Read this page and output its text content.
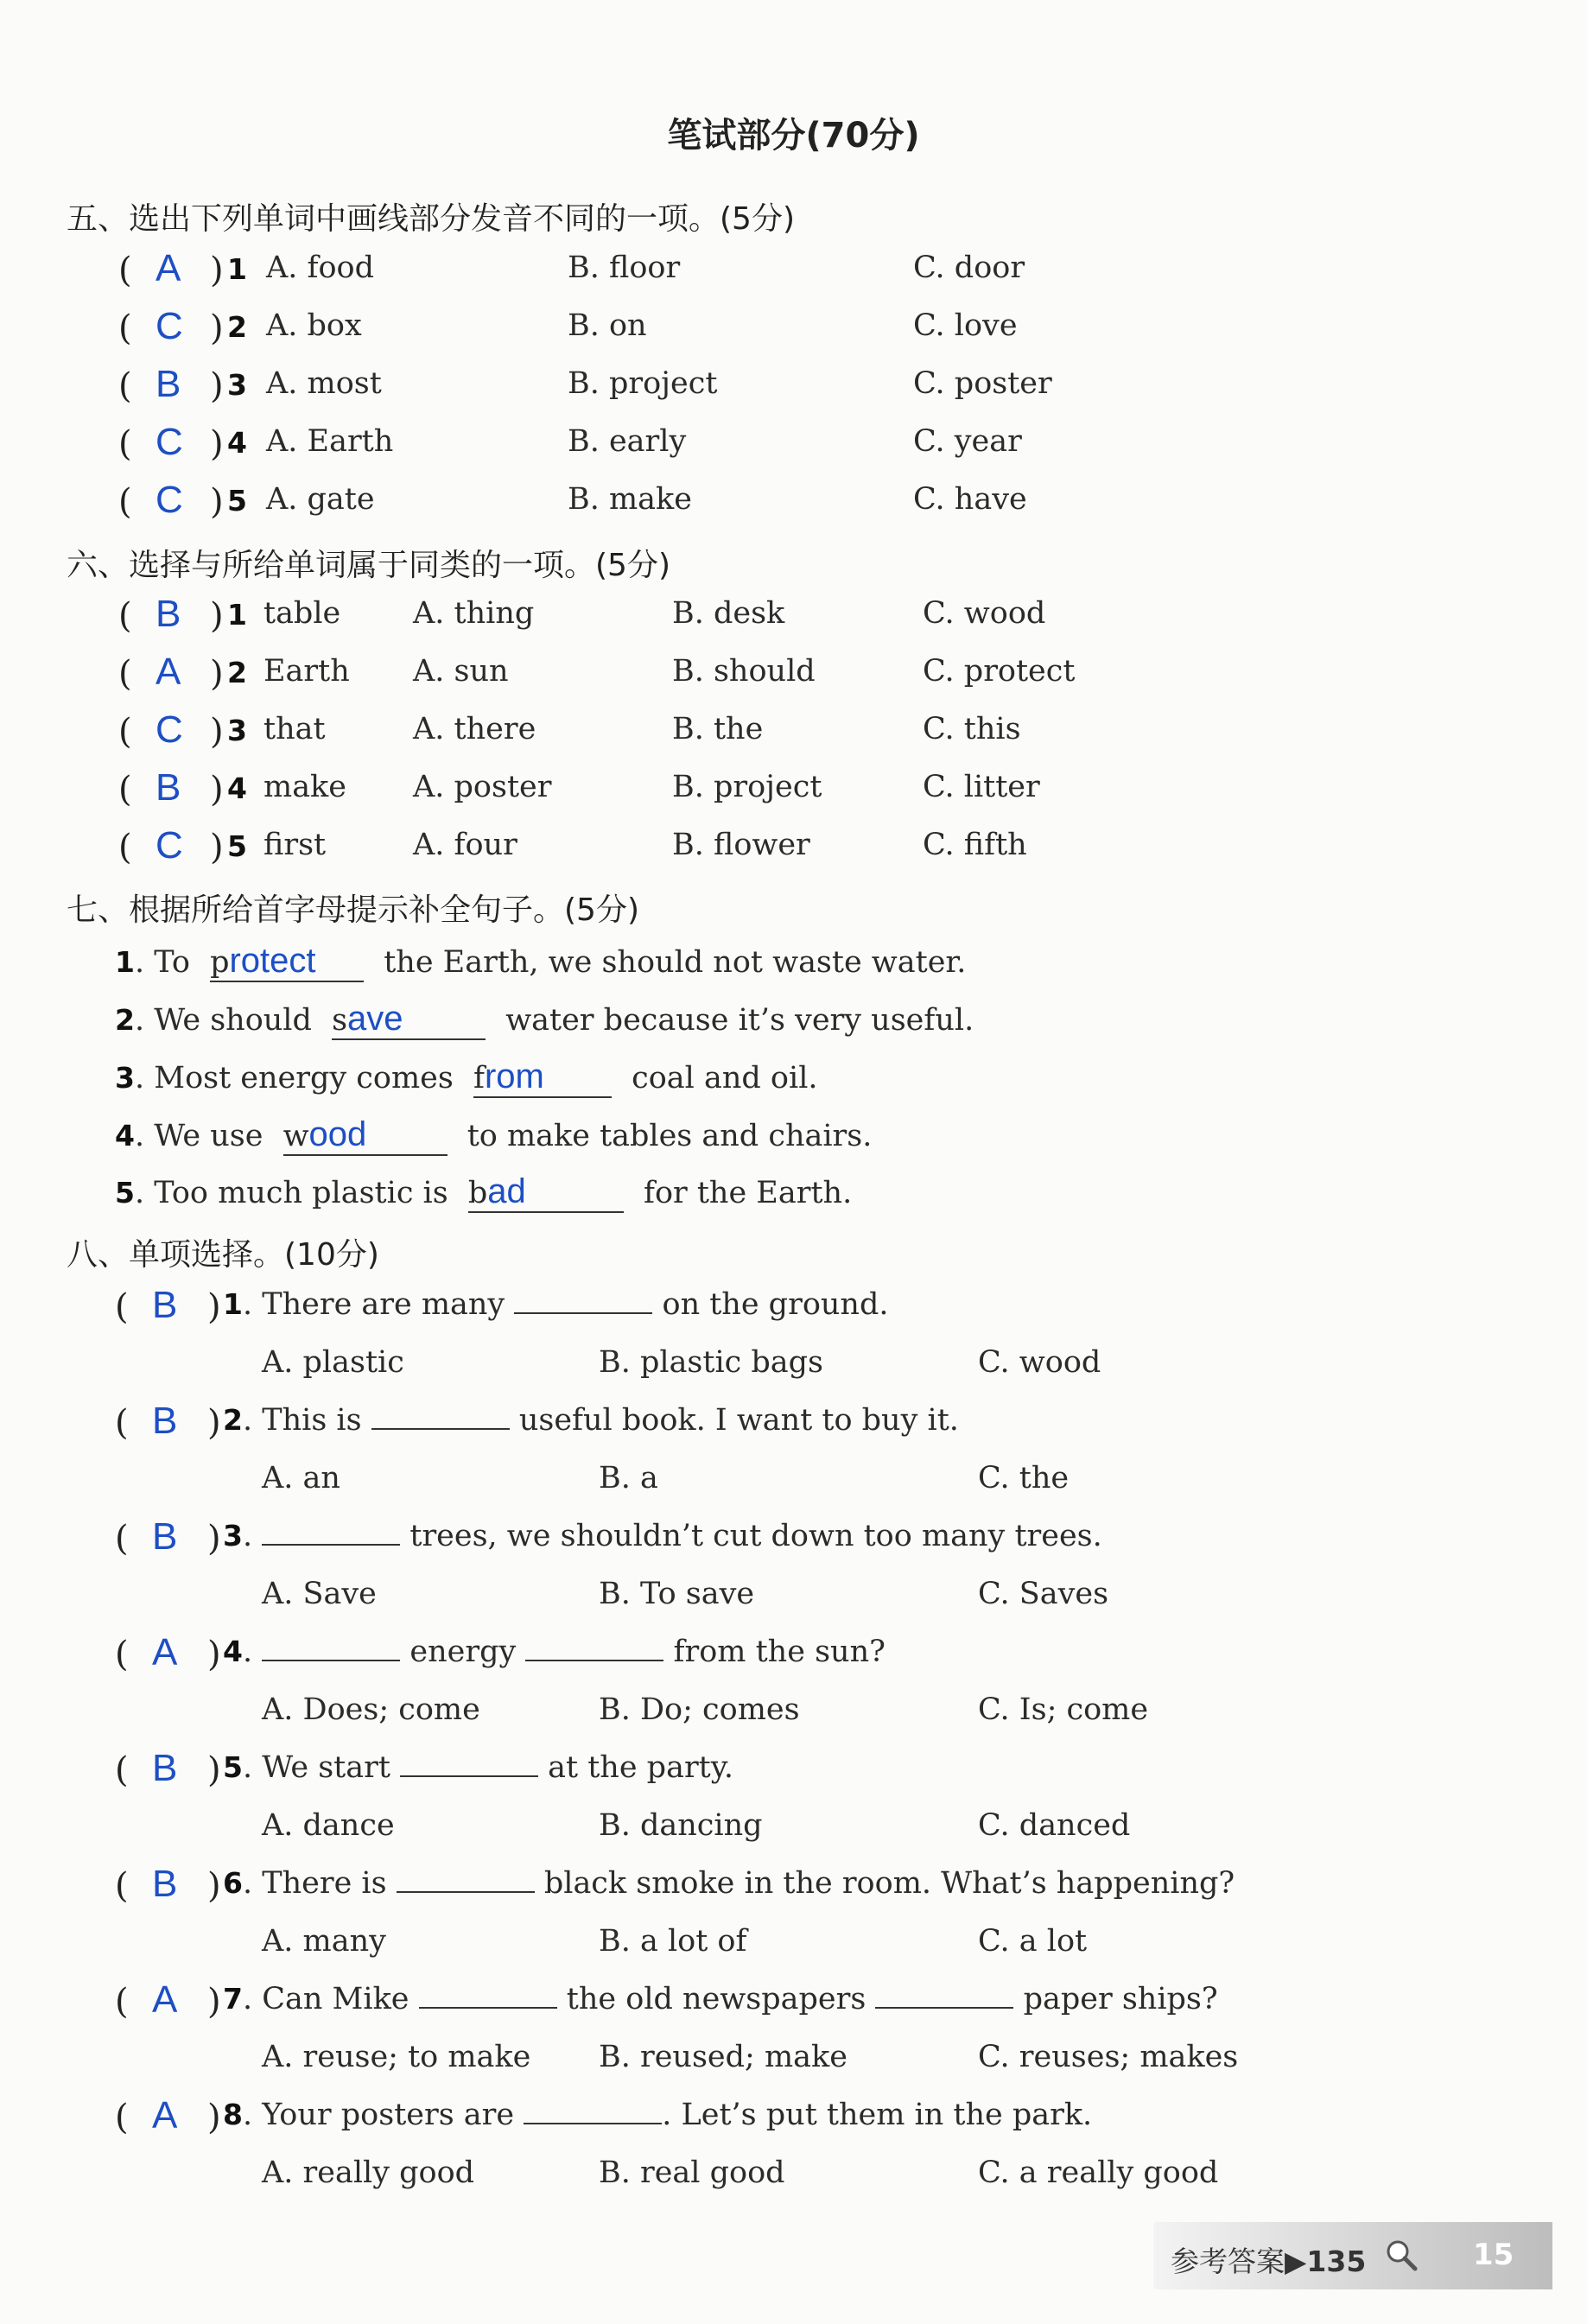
笔试部分(70分)
五、选出下列单词中画线部分发音不同的一项。(5分)
( A ) 1 A. food	B. floor	C. door
( C ) 2 A. box	B. on	C. love
( B ) 3 A. most	B. project	C. poster
( C ) 4 A. Earth	B. early	C. year
( C ) 5 A. gate	B. make	C. have
六、选择与所给单词属于同类的一项。(5分)
( B ) 1 table A. thing	B. desk	C. wood
( A ) 2 Earth A. sun	B. should	C. protect
( C ) 3 that	A. there	B. the	C. this
( B ) 4 make A. poster	B. project	C. litter
( C ) 5 first	A. four	B. flower	C. fifth
七、根据所给首字母提示补全句子。(5分)
1. To protect the Earth, we should not waste water.
2. We should save	water because it’s very useful.
3. Most energy comes from	coal and oil.
4. We use wood	to make tables and chairs.
5. Too much plastic is bad	for the Earth.
八、单项选择。(10分)
( B ) 1. There are many	on the ground.
A. plastic	B. plastic bags	C. wood
( B ) 2. This is	useful book. I want to buy it.
A. an	B. a	C. the
( B ) 3.	trees, we shouldn’t cut down too many trees.
A. Save	B. To save	C. Saves
( A ) 4.	energy	from the sun?
A. Does; come	B. Do; comes	C. Is; come
( B ) 5. We start	at the party.
A. dance	B. dancing	C. danced
( B ) 6. There is	black smoke in the room. What’s happening?
A. many	B. a lot of	C. a lot
( A ) 7. Can Mike	the old newspapers	paper ships?
A. reuse; to make B. reused; make	C. reuses; makes
( A ) 8. Your posters are	. Let’s put them in the park.
A. really good	B. real good	C. a really good
参考答案▶135	15
